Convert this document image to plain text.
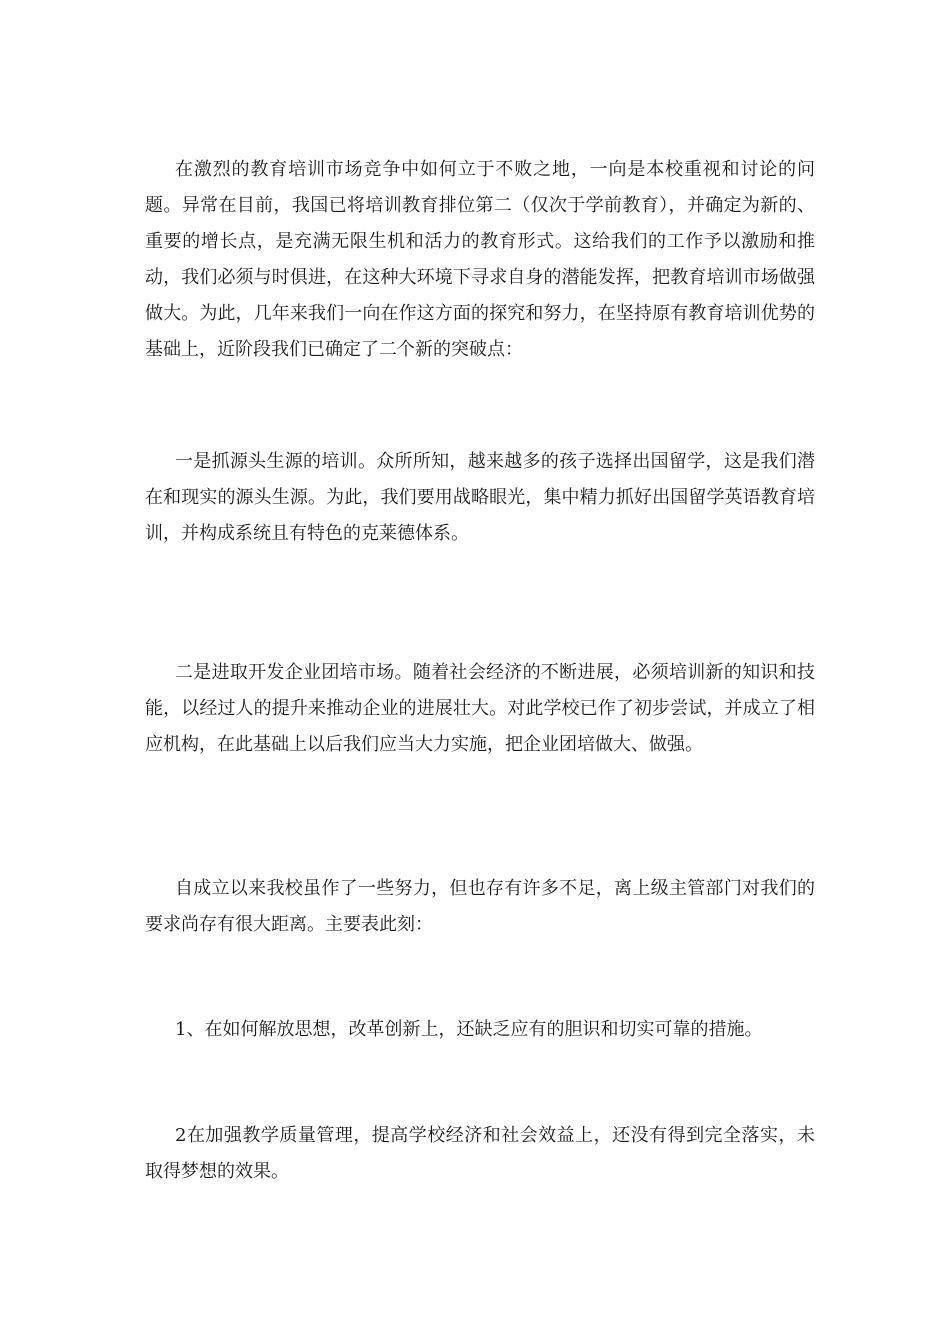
在激烈的教育培训市场竞争中如何立于不败之地，一向是本校重视和讨论的问题。异常在目前，我国已将培训教育排位第二（仅次于学前教育），并确定为新的、重要的增长点，是充满无限生机和活力的教育形式。这给我们的工作予以激励和推动，我们必须与时俱进，在这种大环境下寻求自身的潜能发挥，把教育培训市场做强做大。为此，几年来我们一向在作这方面的探究和努力，在坚持原有教育培训优势的基础上，近阶段我们已确定了二个新的突破点：

一是抓源头生源的培训。众所所知，越来越多的孩子选择出国留学，这是我们潜在和现实的源头生源。为此，我们要用战略眼光，集中精力抓好出国留学英语教育培训，并构成系统且有特色的克莱德体系。

二是进取开发企业团培市场。随着社会经济的不断进展，必须培训新的知识和技能，以经过人的提升来推动企业的进展壮大。对此学校已作了初步尝试，并成立了相应机构，在此基础上以后我们应当大力实施，把企业团培做大、做强。

自成立以来我校虽作了一些努力，但也存有许多不足，离上级主管部门对我们的要求尚存有很大距离。主要表此刻：

1、在如何解放思想，改革创新上，还缺乏应有的胆识和切实可靠的措施。

2在加强教学质量管理，提高学校经济和社会效益上，还没有得到完全落实，未取得梦想的效果。
